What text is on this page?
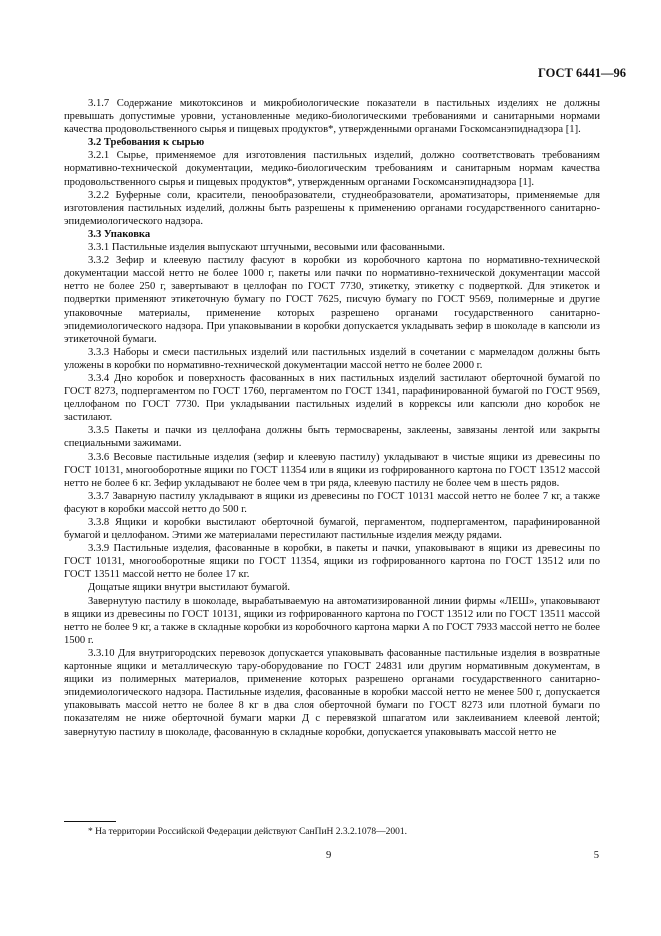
ГОСТ 6441—96

3.1.7 Содержание микотоксинов и микробиологические показатели в пастильных изделиях не должны превышать допустимые уровни, установленные медико-биологическими требованиями и санитарными нормами качества продовольственного сырья и пищевых продуктов*, утвержденными органами Госкомсанэпиднадзора [1].

3.2 Требования к сырью

3.2.1 Сырье, применяемое для изготовления пастильных изделий, должно соответствовать требованиям нормативно-технической документации, медико-биологическим требованиям и санитарным нормам качества продовольственного сырья и пищевых продуктов*, утвержденным органами Госкомсанэпиднадзора [1].

3.2.2 Буферные соли, красители, пенообразователи, студнеобразователи, ароматизаторы, применяемые для изготовления пастильных изделий, должны быть разрешены к применению органами государственного санитарно-эпидемиологического надзора.

3.3 Упаковка

3.3.1 Пастильные изделия выпускают штучными, весовыми или фасованными.

3.3.2 Зефир и клеевую пастилу фасуют в коробки из коробочного картона по нормативно-технической документации массой нетто не более 1000 г, пакеты или пачки по нормативно-технической документации массой нетто не более 250 г, завертывают в целлофан по ГОСТ 7730, этикетку, этикетку с подверткой. Для этикеток и подвертки применяют этикеточную бумагу по ГОСТ 7625, писчую бумагу по ГОСТ 9569, полимерные и другие упаковочные материалы, применение которых разрешено органами государственного санитарно-эпидемиологического надзора. При упаковывании в коробки допускается укладывать зефир в шоколаде в капсюли из этикеточной бумаги.

3.3.3 Наборы и смеси пастильных изделий или пастильных изделий в сочетании с мармеладом должны быть уложены в коробки по нормативно-технической документации массой нетто не более 2000 г.

3.3.4 Дно коробок и поверхность фасованных в них пастильных изделий застилают оберточной бумагой по ГОСТ 8273, подпергаментом по ГОСТ 1760, пергаментом по ГОСТ 1341, парафинированной бумагой по ГОСТ 9569, целлофаном по ГОСТ 7730. При укладывании пастильных изделий в коррексы или капсюли дно коробок не застилают.

3.3.5 Пакеты и пачки из целлофана должны быть термосварены, заклеены, завязаны лентой или закрыты специальными зажимами.

3.3.6 Весовые пастильные изделия (зефир и клеевую пастилу) укладывают в чистые ящики из древесины по ГОСТ 10131, многооборотные ящики по ГОСТ 11354 или в ящики из гофрированного картона по ГОСТ 13512 массой нетто не более 6 кг. Зефир укладывают не более чем в три ряда, клеевую пастилу не более чем в шесть рядов.

3.3.7 Заварную пастилу укладывают в ящики из древесины по ГОСТ 10131 массой нетто не более 7 кг, а также фасуют в коробки массой нетто до 500 г.

3.3.8 Ящики и коробки выстилают оберточной бумагой, пергаментом, подпергаментом, парафинированной бумагой и целлофаном. Этими же материалами перестилают пастильные изделия между рядами.

3.3.9 Пастильные изделия, фасованные в коробки, в пакеты и пачки, упаковывают в ящики из древесины по ГОСТ 10131, многооборотные ящики по ГОСТ 11354, ящики из гофрированного картона по ГОСТ 13512 или по ГОСТ 13511 массой нетто не более 17 кг.

Дощатые ящики внутри выстилают бумагой.

Завернутую пастилу в шоколаде, вырабатываемую на автоматизированной линии фирмы «ЛЕШ», упаковывают в ящики из древесины по ГОСТ 10131, ящики из гофрированного картона по ГОСТ 13512 или по ГОСТ 13511 массой нетто не более 9 кг, а также в складные коробки из коробочного картона марки А по ГОСТ 7933 массой нетто не более 1500 г.

3.3.10 Для внутригородских перевозок допускается упаковывать фасованные пастильные изделия в возвратные картонные ящики и металлическую тару-оборудование по ГОСТ 24831 или другим нормативным документам, в ящики из полимерных материалов, применение которых разрешено органами государственного санитарно-эпидемиологического надзора. Пастильные изделия, фасованные в коробки массой нетто не менее 500 г, допускается упаковывать массой нетто не более 8 кг в два слоя оберточной бумаги по ГОСТ 8273 или плотной бумаги по показателям не ниже оберточной бумаги марки Д с перевязкой шпагатом или заклеиванием клеевой лентой; завернутую пастилу в шоколаде, фасованную в складные коробки, допускается упаковывать массой нетто не

* На территории Российской Федерации действуют СанПиН 2.3.2.1078—2001.
9	5
